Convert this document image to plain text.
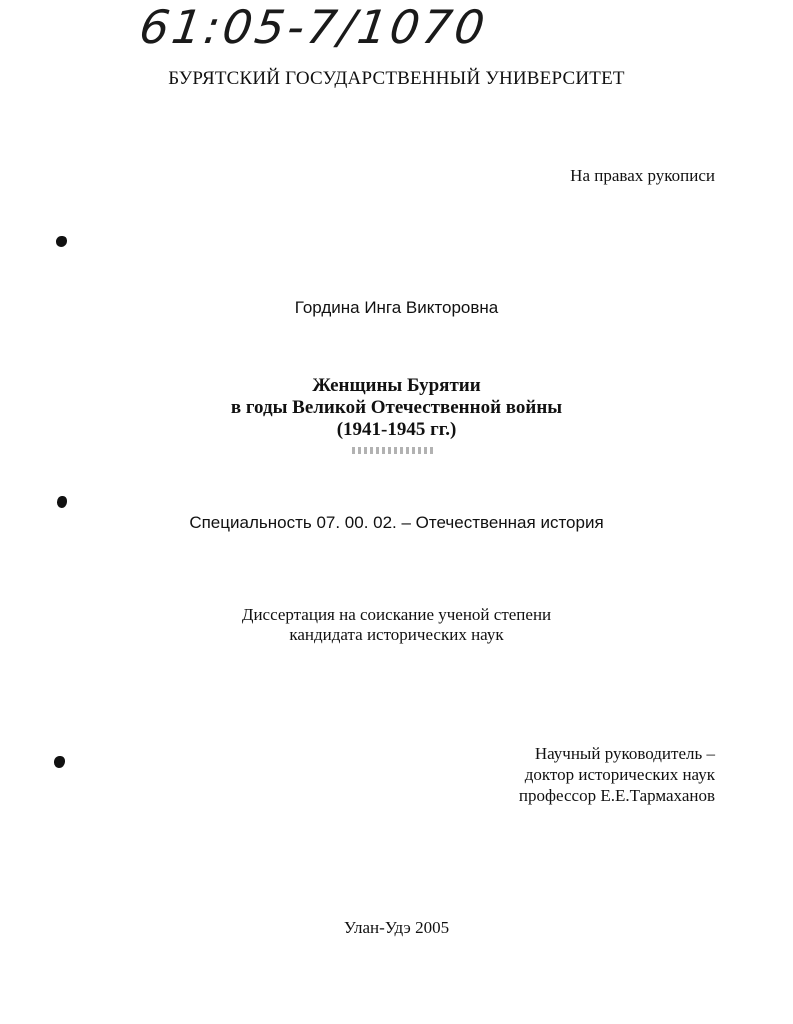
61:05-7/1070
БУРЯТСКИЙ ГОСУДАРСТВЕННЫЙ УНИВЕРСИТЕТ
На правах рукописи
Гордина Инга Викторовна
Женщины Бурятии
в годы Великой Отечественной войны
(1941-1945 гг.)
Специальность 07. 00. 02. – Отечественная история
Диссертация на соискание ученой степени
кандидата исторических наук
Научный руководитель –
доктор исторических наук
профессор Е.Е.Тармаханов
Улан-Удэ 2005
